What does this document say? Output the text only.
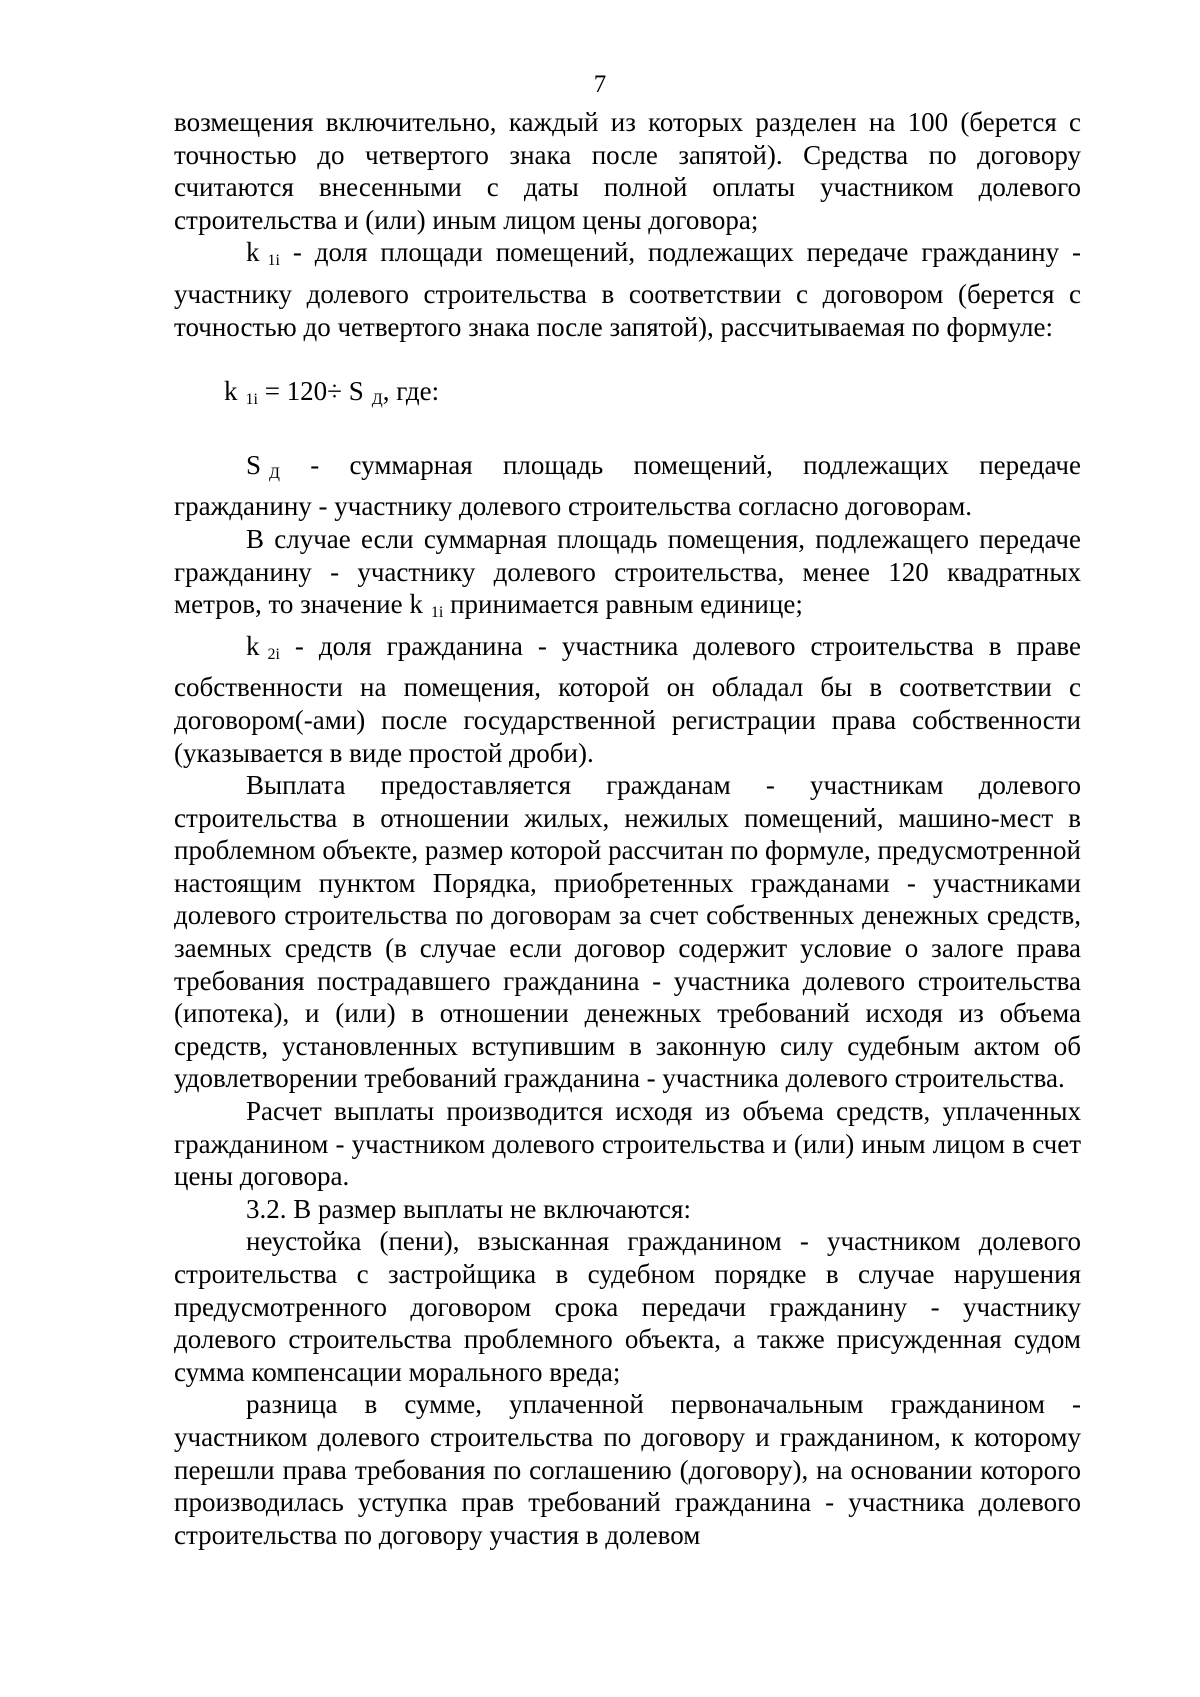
7

возмещения включительно, каждый из которых разделен на 100 (берется с точностью до четвертого знака после запятой). Средства по договору считаются внесенными с даты полной оплаты участником долевого строительства и (или) иным лицом цены договора;

k $_{1i}$ - доля площади помещений, подлежащих передаче гражданину - участнику долевого строительства в соответствии с договором (берется с точностью до четвертого знака после запятой), рассчитываемая по формуле:

k $_{1i}$ = 120÷ S $_Д$, где:

S $_Д$ - суммарная площадь помещений, подлежащих передаче гражданину - участнику долевого строительства согласно договорам.

В случае если суммарная площадь помещения, подлежащего передаче гражданину - участнику долевого строительства, менее 120 квадратных метров, то значение k $_{1i}$ принимается равным единице;

k $_{2i}$ - доля гражданина - участника долевого строительства в праве собственности на помещения, которой он обладал бы в соответствии с договором(-ами) после государственной регистрации права собственности (указывается в виде простой дроби).

Выплата предоставляется гражданам - участникам долевого строительства в отношении жилых, нежилых помещений, машино-мест в проблемном объекте, размер которой рассчитан по формуле, предусмотренной настоящим пунктом Порядка, приобретенных гражданами - участниками долевого строительства по договорам за счет собственных денежных средств, заемных средств (в случае если договор содержит условие о залоге права требования пострадавшего гражданина - участника долевого строительства (ипотека), и (или) в отношении денежных требований исходя из объема средств, установленных вступившим в законную силу судебным актом об удовлетворении требований гражданина - участника долевого строительства.

Расчет выплаты производится исходя из объема средств, уплаченных гражданином - участником долевого строительства и (или) иным лицом в счет цены договора.

3.2. В размер выплаты не включаются:

неустойка (пени), взысканная гражданином - участником долевого строительства с застройщика в судебном порядке в случае нарушения предусмотренного договором срока передачи гражданину - участнику долевого строительства проблемного объекта, а также присужденная судом сумма компенсации морального вреда;

разница в сумме, уплаченной первоначальным гражданином - участником долевого строительства по договору и гражданином, к которому перешли права требования по соглашению (договору), на основании которого производилась уступка прав требований гражданина - участника долевого строительства по договору участия в долевом
